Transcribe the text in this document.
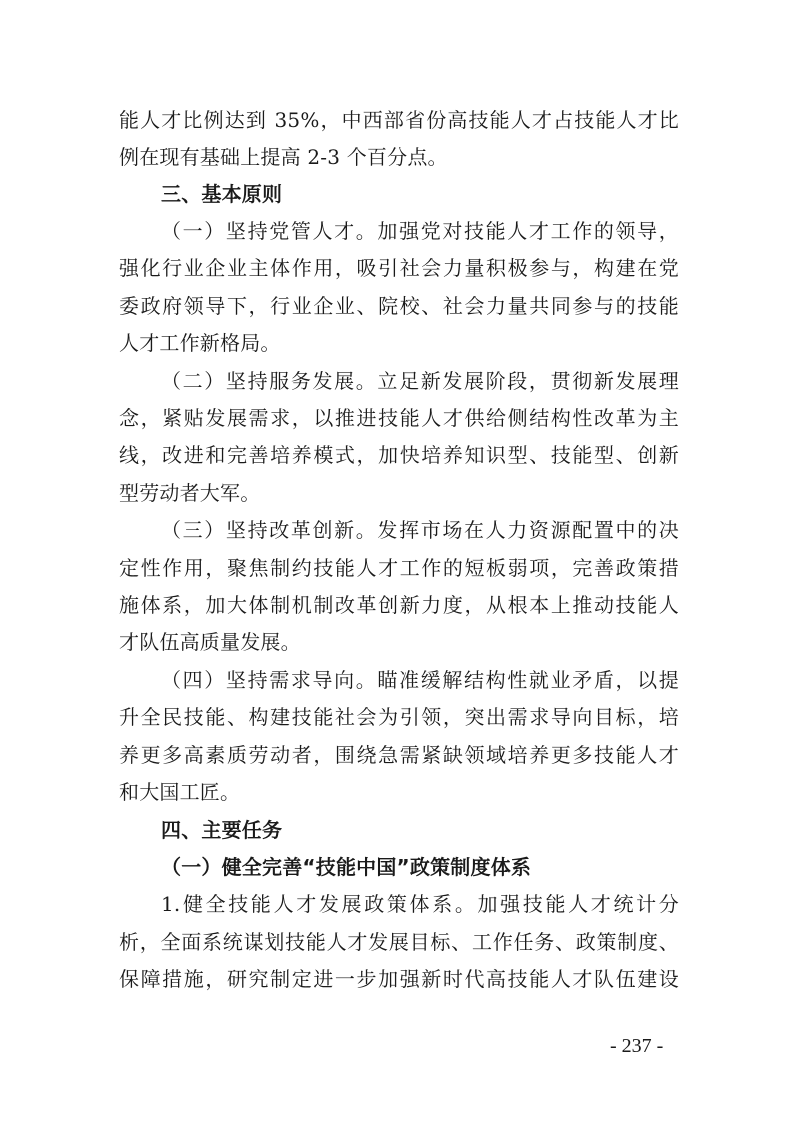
能人才比例达到 35%，中西部省份高技能人才占技能人才比
例在现有基础上提高 2-3 个百分点。
三、基本原则
（一）坚持党管人才。加强党对技能人才工作的领导，
强化行业企业主体作用，吸引社会力量积极参与，构建在党
委政府领导下，行业企业、院校、社会力量共同参与的技能
人才工作新格局。
（二）坚持服务发展。立足新发展阶段，贯彻新发展理
念，紧贴发展需求，以推进技能人才供给侧结构性改革为主
线，改进和完善培养模式，加快培养知识型、技能型、创新
型劳动者大军。
（三）坚持改革创新。发挥市场在人力资源配置中的决
定性作用，聚焦制约技能人才工作的短板弱项，完善政策措
施体系，加大体制机制改革创新力度，从根本上推动技能人
才队伍高质量发展。
（四）坚持需求导向。瞄准缓解结构性就业矛盾，以提
升全民技能、构建技能社会为引领，突出需求导向目标，培
养更多高素质劳动者，围绕急需紧缺领域培养更多技能人才
和大国工匠。
四、主要任务
（一）健全完善“技能中国”政策制度体系
1.健全技能人才发展政策体系。加强技能人才统计分
析，全面系统谋划技能人才发展目标、工作任务、政策制度、
保障措施，研究制定进一步加强新时代高技能人才队伍建设
- 237 -
